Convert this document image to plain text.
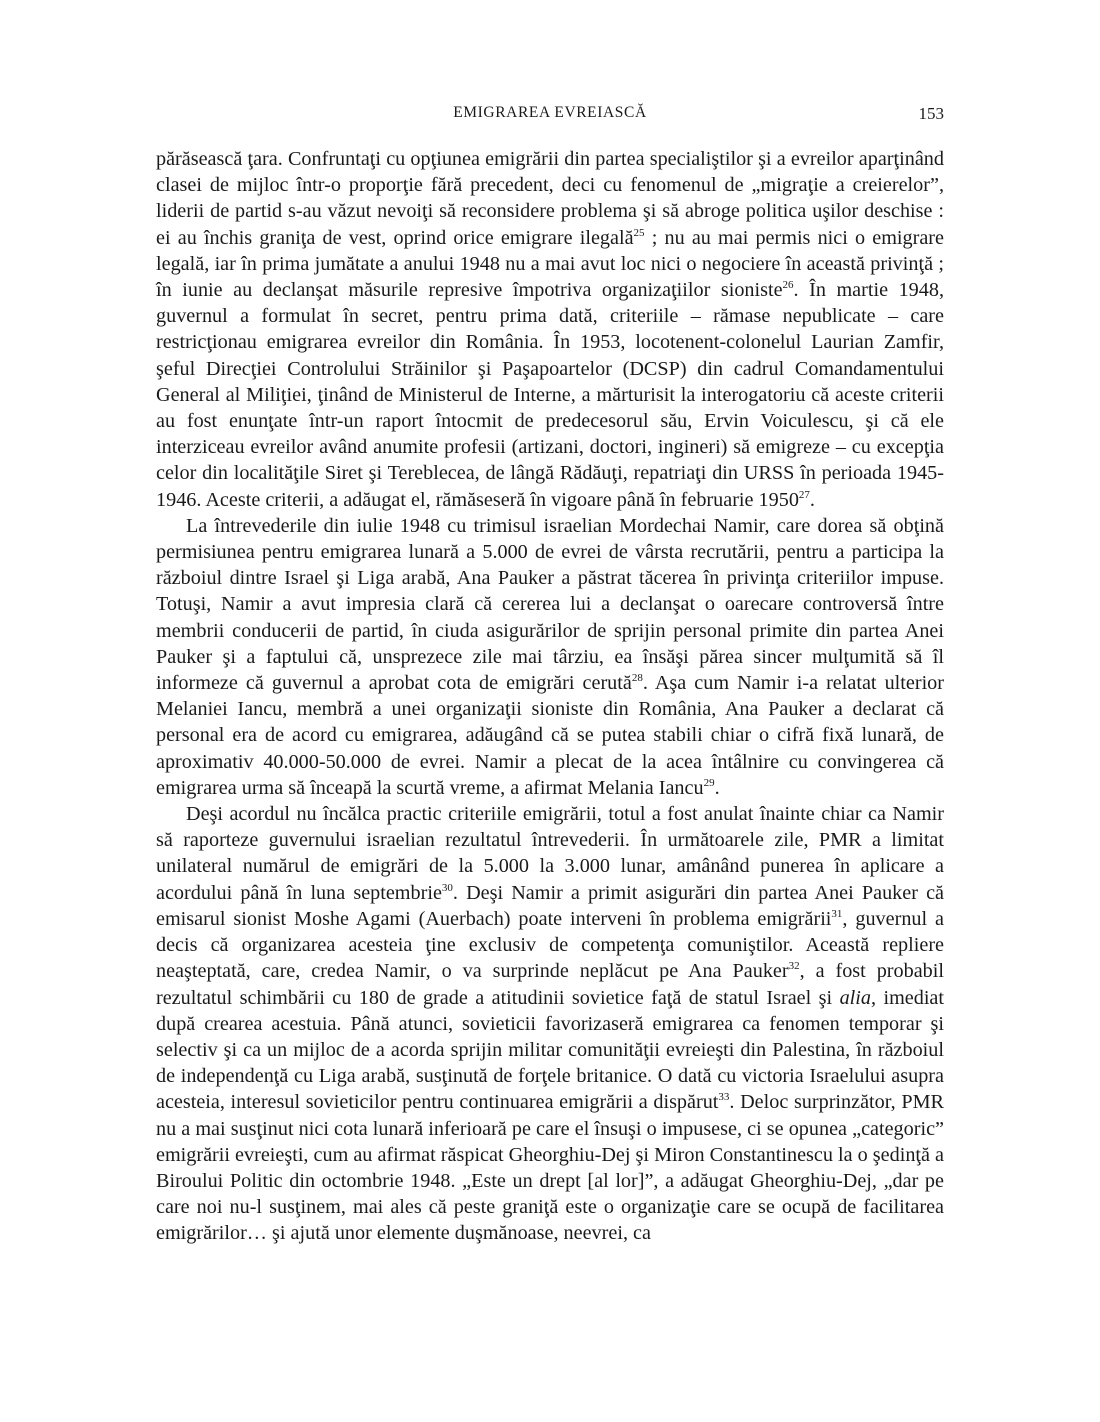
EMIGRAREA EVREIASCĂ	153

părăsească ţara. Confruntaţi cu opţiunea emigrării din partea specialiştilor şi a evreilor aparţinând clasei de mijloc într-o proporţie fără precedent, deci cu fenomenul de „migraţie a creierelor”, liderii de partid s-au văzut nevoiţi să reconsidere problema şi să abroge politica uşilor deschise : ei au închis graniţa de vest, oprind orice emigrare ilegală$^{25}$ ; nu au mai permis nici o emigrare legală, iar în prima jumătate a anului 1948 nu a mai avut loc nici o negociere în această privinţă ; în iunie au declanşat măsurile represive împotriva organizaţiilor sioniste$^{26}$. În martie 1948, guvernul a formulat în secret, pentru prima dată, criteriile – rămase nepublicate – care restricţionau emigrarea evreilor din România. În 1953, locotenent-colonelul Laurian Zamfir, şeful Direcţiei Controlului Străinilor şi Paşapoartelor (DCSP) din cadrul Comandamentului General al Miliţiei, ţinând de Ministerul de Interne, a mărturisit la interogatoriu că aceste criterii au fost enunţate într-un raport întocmit de predecesorul său, Ervin Voiculescu, şi că ele interziceau evreilor având anumite profesii (artizani, doctori, ingineri) să emigreze – cu excepţia celor din localităţile Siret şi Tereblecea, de lângă Rădăuţi, repatriaţi din URSS în perioada 1945-1946. Aceste criterii, a adăugat el, rămăseseră în vigoare până în februarie 1950$^{27}$.

La întrevederile din iulie 1948 cu trimisul israelian Mordechai Namir, care dorea să obţină permisiunea pentru emigrarea lunară a 5.000 de evrei de vârsta recrutării, pentru a participa la războiul dintre Israel şi Liga arabă, Ana Pauker a păstrat tăcerea în privinţa criteriilor impuse. Totuşi, Namir a avut impresia clară că cererea lui a declanşat o oarecare controversă între membrii conducerii de partid, în ciuda asigurărilor de sprijin personal primite din partea Anei Pauker şi a faptului că, unsprezece zile mai târziu, ea însăşi părea sincer mulţumită să îl informeze că guvernul a aprobat cota de emigrări cerută$^{28}$. Aşa cum Namir i-a relatat ulterior Melaniei Iancu, membră a unei organizaţii sioniste din România, Ana Pauker a declarat că personal era de acord cu emigrarea, adăugând că se putea stabili chiar o cifră fixă lunară, de aproximativ 40.000-50.000 de evrei. Namir a plecat de la acea întâlnire cu convingerea că emigrarea urma să înceapă la scurtă vreme, a afirmat Melania Iancu$^{29}$.

Deşi acordul nu încălca practic criteriile emigrării, totul a fost anulat înainte chiar ca Namir să raporteze guvernului israelian rezultatul întrevederii. În următoarele zile, PMR a limitat unilateral numărul de emigrări de la 5.000 la 3.000 lunar, amânând punerea în aplicare a acordului până în luna septembrie$^{30}$. Deşi Namir a primit asigurări din partea Anei Pauker că emisarul sionist Moshe Agami (Auerbach) poate interveni în problema emigrării$^{31}$, guvernul a decis că organizarea acesteia ţine exclusiv de competenţa comuniştilor. Această repliere neaşteptată, care, credea Namir, o va surprinde neplăcut pe Ana Pauker$^{32}$, a fost probabil rezultatul schimbării cu 180 de grade a atitudinii sovietice faţă de statul Israel şi alia, imediat după crearea acestuia. Până atunci, sovieticii favorizaseră emigrarea ca fenomen temporar şi selectiv şi ca un mijloc de a acorda sprijin militar comunităţii evreieşti din Palestina, în războiul de independenţă cu Liga arabă, susţinută de forţele britanice. O dată cu victoria Israelului asupra acesteia, interesul sovieticilor pentru continuarea emigrării a dispărut$^{33}$. Deloc surprinzător, PMR nu a mai susţinut nici cota lunară inferioară pe care el însuşi o impusese, ci se opunea „categoric” emigrării evreieşti, cum au afirmat răspicat Gheorghiu-Dej şi Miron Constantinescu la o şedinţă a Biroului Politic din octombrie 1948. „Este un drept [al lor]”, a adăugat Gheorghiu-Dej, „dar pe care noi nu-l susţinem, mai ales că peste graniţă este o organizaţie care se ocupă de facilitarea emigrărilor… şi ajută unor elemente duşmănoase, neevrei, ca
